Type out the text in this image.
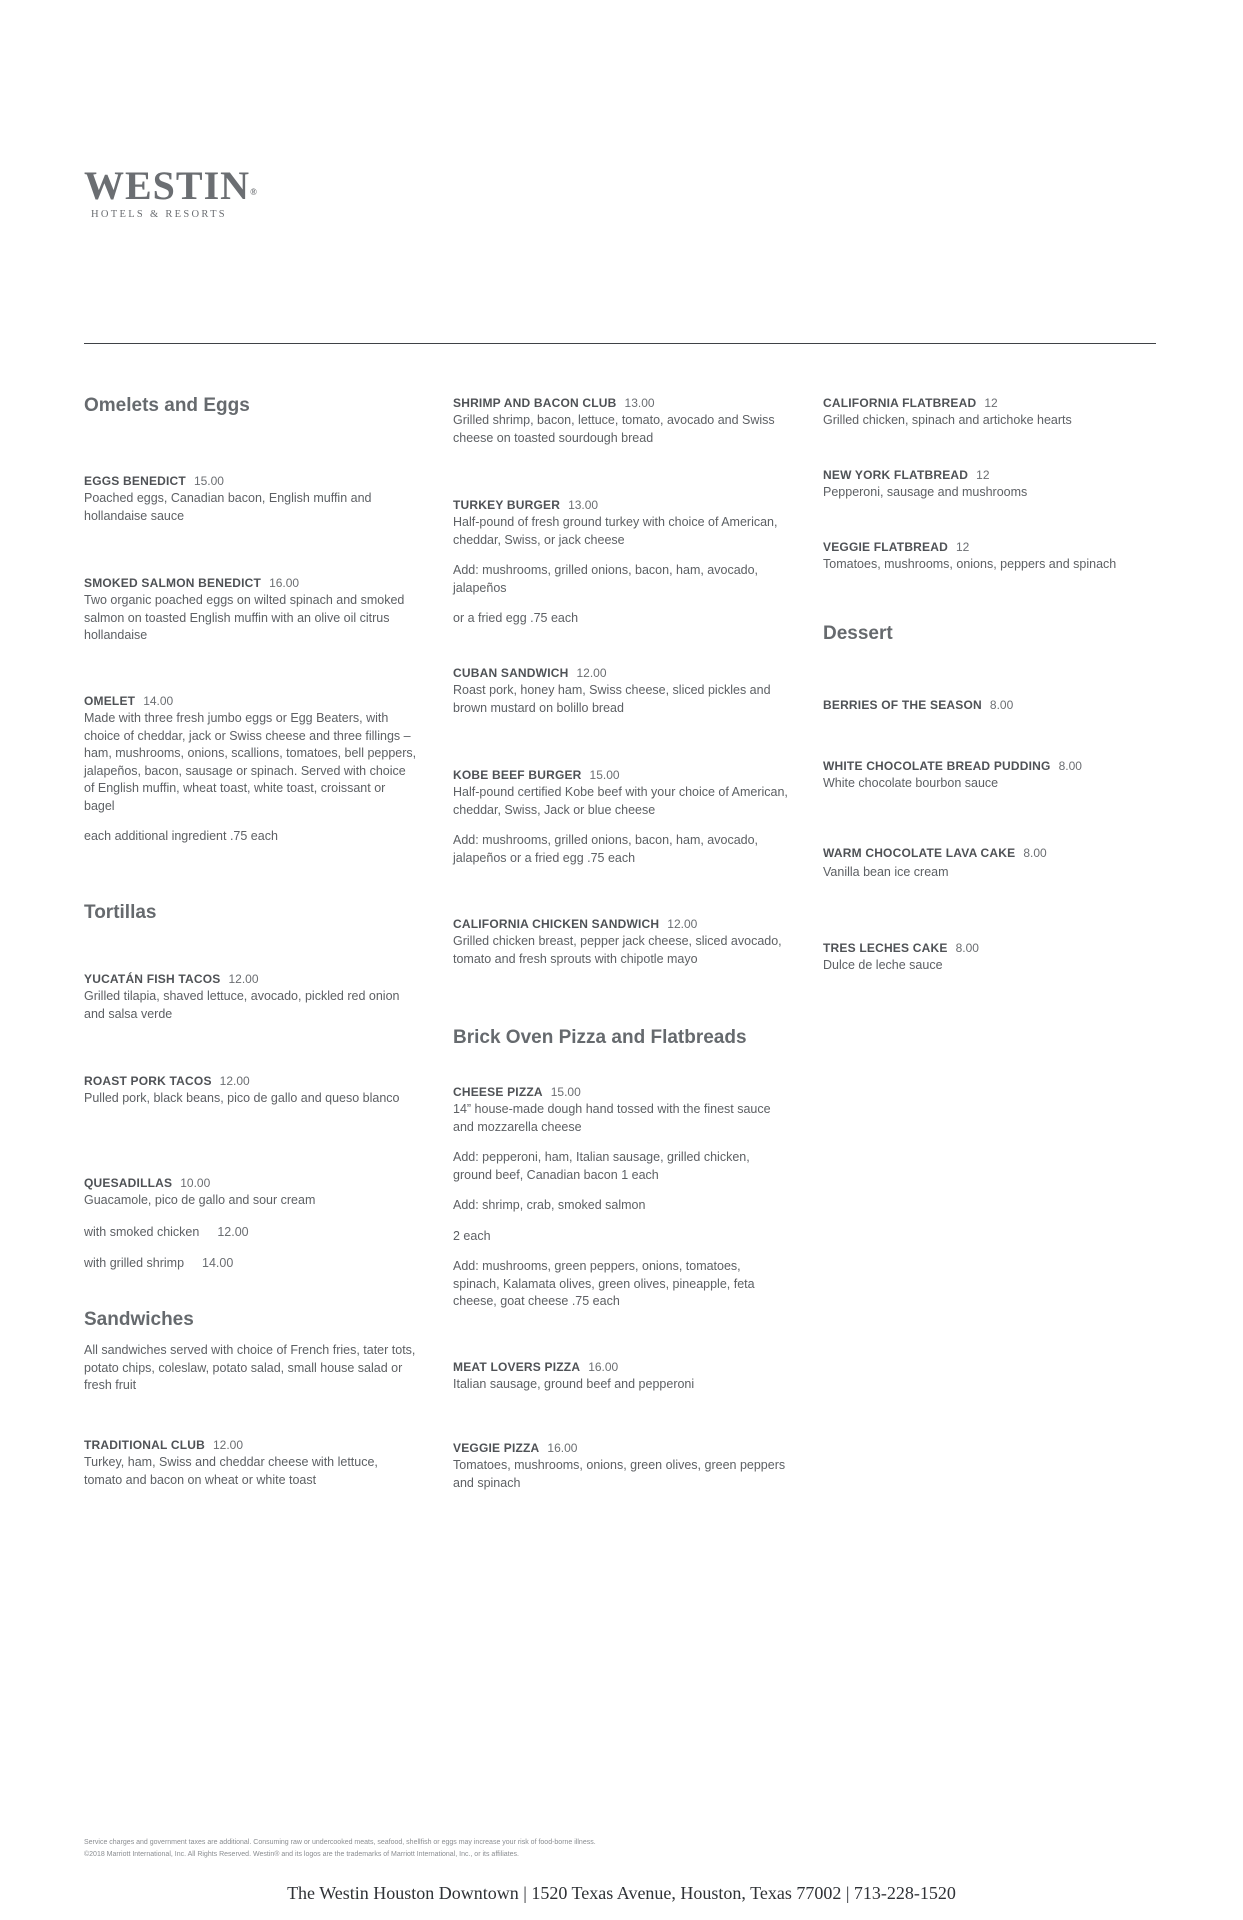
WESTIN®
HOTELS & RESORTS
Omelets and Eggs

EGGS BENEDICT 15.00

Poached eggs, Canadian bacon, English muffin and hollandaise sauce

SMOKED SALMON BENEDICT 16.00

Two organic poached eggs on wilted spinach and smoked salmon on toasted English muffin with an olive oil citrus hollandaise

OMELET 14.00

Made with three fresh jumbo eggs or Egg Beaters, with choice of cheddar, jack or Swiss cheese and three fillings – ham, mushrooms, onions, scallions, tomatoes, bell peppers, jalapeños, bacon, sausage or spinach. Served with choice of English muffin, wheat toast, white toast, croissant or bagel

each additional ingredient .75 each

Tortillas

YUCATÁN FISH TACOS 12.00

Grilled tilapia, shaved lettuce, avocado, pickled red onion and salsa verde

ROAST PORK TACOS 12.00

Pulled pork, black beans, pico de gallo and queso blanco

QUESADILLAS 10.00

Guacamole, pico de gallo and sour cream

with smoked chicken 12.00

with grilled shrimp 14.00

Sandwiches

All sandwiches served with choice of French fries, tater tots, potato chips, coleslaw, potato salad, small house salad or fresh fruit

TRADITIONAL CLUB 12.00

Turkey, ham, Swiss and cheddar cheese with lettuce, tomato and bacon on wheat or white toast

SHRIMP AND BACON CLUB 13.00

Grilled shrimp, bacon, lettuce, tomato, avocado and Swiss cheese on toasted sourdough bread

TURKEY BURGER 13.00

Half-pound of fresh ground turkey with choice of American, cheddar, Swiss, or jack cheese

Add: mushrooms, grilled onions, bacon, ham, avocado, jalapeños

or a fried egg .75 each

CUBAN SANDWICH 12.00

Roast pork, honey ham, Swiss cheese, sliced pickles and brown mustard on bolillo bread

KOBE BEEF BURGER 15.00

Half-pound certified Kobe beef with your choice of American, cheddar, Swiss, Jack or blue cheese

Add: mushrooms, grilled onions, bacon, ham, avocado, jalapeños or a fried egg .75 each

CALIFORNIA CHICKEN SANDWICH 12.00

Grilled chicken breast, pepper jack cheese, sliced avocado, tomato and fresh sprouts with chipotle mayo

Brick Oven Pizza and Flatbreads

CHEESE PIZZA 15.00

14” house-made dough hand tossed with the finest sauce and mozzarella cheese

Add: pepperoni, ham, Italian sausage, grilled chicken, ground beef, Canadian bacon 1 each

Add: shrimp, crab, smoked salmon

2 each

Add: mushrooms, green peppers, onions, tomatoes, spinach, Kalamata olives, green olives, pineapple, feta cheese, goat cheese .75 each

MEAT LOVERS PIZZA 16.00

Italian sausage, ground beef and pepperoni

VEGGIE PIZZA 16.00

Tomatoes, mushrooms, onions, green olives, green peppers and spinach

CALIFORNIA FLATBREAD 12

Grilled chicken, spinach and artichoke hearts

NEW YORK FLATBREAD 12

Pepperoni, sausage and mushrooms

VEGGIE FLATBREAD 12

Tomatoes, mushrooms, onions, peppers and spinach

Dessert

BERRIES OF THE SEASON 8.00

WHITE CHOCOLATE BREAD PUDDING 8.00

White chocolate bourbon sauce

WARM CHOCOLATE LAVA CAKE 8.00

Vanilla bean ice cream

TRES LECHES CAKE 8.00

Dulce de leche sauce

Service charges and government taxes are additional. Consuming raw or undercooked meats, seafood, shellfish or eggs may increase your risk of food-borne illness.
©2018 Marriott International, Inc. All Rights Reserved. Westin® and its logos are the trademarks of Marriott International, Inc., or its affiliates.
The Westin Houston Downtown | 1520 Texas Avenue, Houston, Texas 77002 | 713-228-1520
